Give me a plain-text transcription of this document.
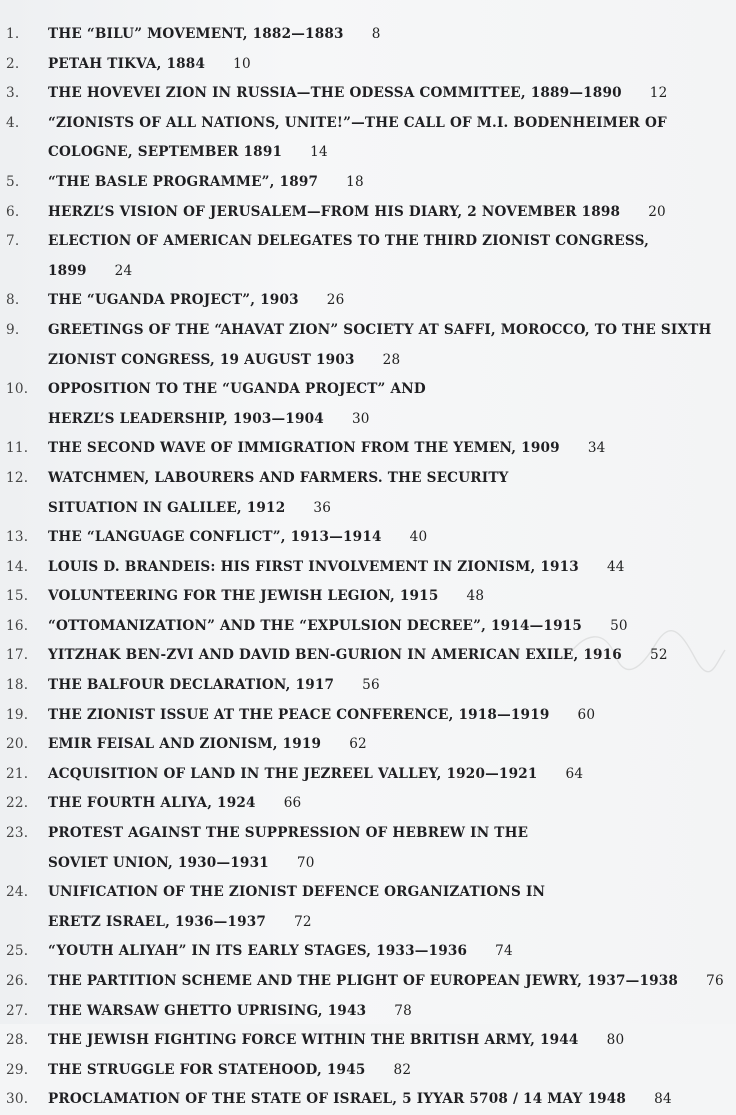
1. THE “BILU” MOVEMENT, 1882—1883 8
2. PETAH TIKVA, 1884 10
3. THE HOVEVEI ZION IN RUSSIA—THE ODESSA COMMITTEE, 1889—1890 12
4. “ZIONISTS OF ALL NATIONS, UNITE!”—THE CALL OF M.I. BODENHEIMER OF COLOGNE, SEPTEMBER 1891 14
5. “THE BASLE PROGRAMME”, 1897 18
6. HERZL’S VISION OF JERUSALEM—FROM HIS DIARY, 2 NOVEMBER 1898 20
7. ELECTION OF AMERICAN DELEGATES TO THE THIRD ZIONIST CONGRESS, 1899 24
8. THE “UGANDA PROJECT”, 1903 26
9. GREETINGS OF THE “AHAVAT ZION” SOCIETY AT SAFFI, MOROCCO, TO THE SIXTH ZIONIST CONGRESS, 19 AUGUST 1903 28
10. OPPOSITION TO THE “UGANDA PROJECT” AND HERZL’S LEADERSHIP, 1903—1904 30
11. THE SECOND WAVE OF IMMIGRATION FROM THE YEMEN, 1909 34
12. WATCHMEN, LABOURERS AND FARMERS. THE SECURITY SITUATION IN GALILEE, 1912 36
13. THE “LANGUAGE CONFLICT”, 1913—1914 40
14. LOUIS D. BRANDEIS: HIS FIRST INVOLVEMENT IN ZIONISM, 1913 44
15. VOLUNTEERING FOR THE JEWISH LEGION, 1915 48
16. “OTTOMANIZATION” AND THE “EXPULSION DECREE”, 1914—1915 50
17. YITZHAK BEN-ZVI AND DAVID BEN-GURION IN AMERICAN EXILE, 1916 52
18. THE BALFOUR DECLARATION, 1917 56
19. THE ZIONIST ISSUE AT THE PEACE CONFERENCE, 1918—1919 60
20. EMIR FEISAL AND ZIONISM, 1919 62
21. ACQUISITION OF LAND IN THE JEZREEL VALLEY, 1920—1921 64
22. THE FOURTH ALIYA, 1924 66
23. PROTEST AGAINST THE SUPPRESSION OF HEBREW IN THE SOVIET UNION, 1930—1931 70
24. UNIFICATION OF THE ZIONIST DEFENCE ORGANIZATIONS IN ERETZ ISRAEL, 1936—1937 72
25. “YOUTH ALIYAH” IN ITS EARLY STAGES, 1933—1936 74
26. THE PARTITION SCHEME AND THE PLIGHT OF EUROPEAN JEWRY, 1937—1938 76
27. THE WARSAW GHETTO UPRISING, 1943 78
28. THE JEWISH FIGHTING FORCE WITHIN THE BRITISH ARMY, 1944 80
29. THE STRUGGLE FOR STATEHOOD, 1945 82
30. PROCLAMATION OF THE STATE OF ISRAEL, 5 IYYAR 5708 / 14 MAY 1948 84
